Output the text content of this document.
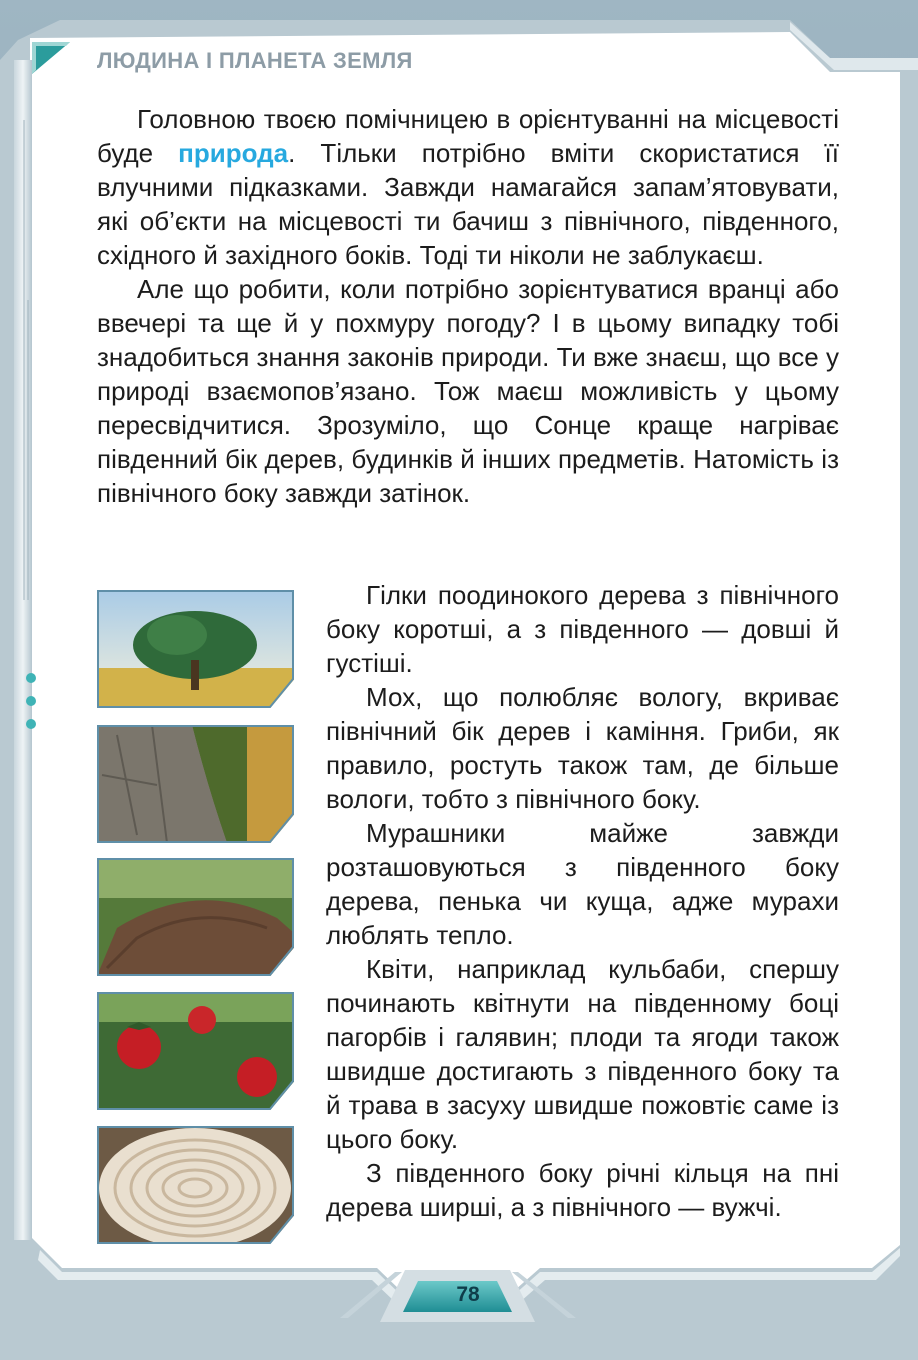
ЛЮДИНА І ПЛАНЕТА ЗЕМЛЯ

Головною твоєю помічницею в орієнтуванні на місцевості буде природа. Тільки потрібно вміти скористатися її влучними підказками. Завжди намагайся запам’ятовувати, які об’єкти на місцевості ти бачиш з північного, південного, східного й західного боків. Тоді ти ніколи не заблукаєш.

Але що робити, коли потрібно зорієнтуватися вранці або ввечері та ще й у похмуру погоду? І в цьому випадку тобі знадобиться знання законів природи. Ти вже знаєш, що все у природі взаємопов’язано. Тож маєш можливість у цьому пересвідчитися. Зрозуміло, що Сонце краще нагріває південний бік дерев, будинків й інших предметів. Натомість із північного боку завжди затінок.

Гілки поодинокого дерева з північного боку коротші, а з південного — довші й густіші.

Мох, що полюбляє вологу, вкриває північний бік дерев і каміння. Гриби, як правило, ростуть також там, де більше вологи, тобто з північного боку.

Мурашники майже завжди розташовуються з південного боку дерева, пенька чи куща, адже мурахи люблять тепло.

Квіти, наприклад кульбаби, спершу починають квітнути на південному боці пагорбів і галявин; плоди та ягоди також швидше достигають з південного боку та й трава в засуху швидше пожовтіє саме із цього боку.

З південного боку річні кільця на пні дерева ширші, а з північного — вужчі.

78
